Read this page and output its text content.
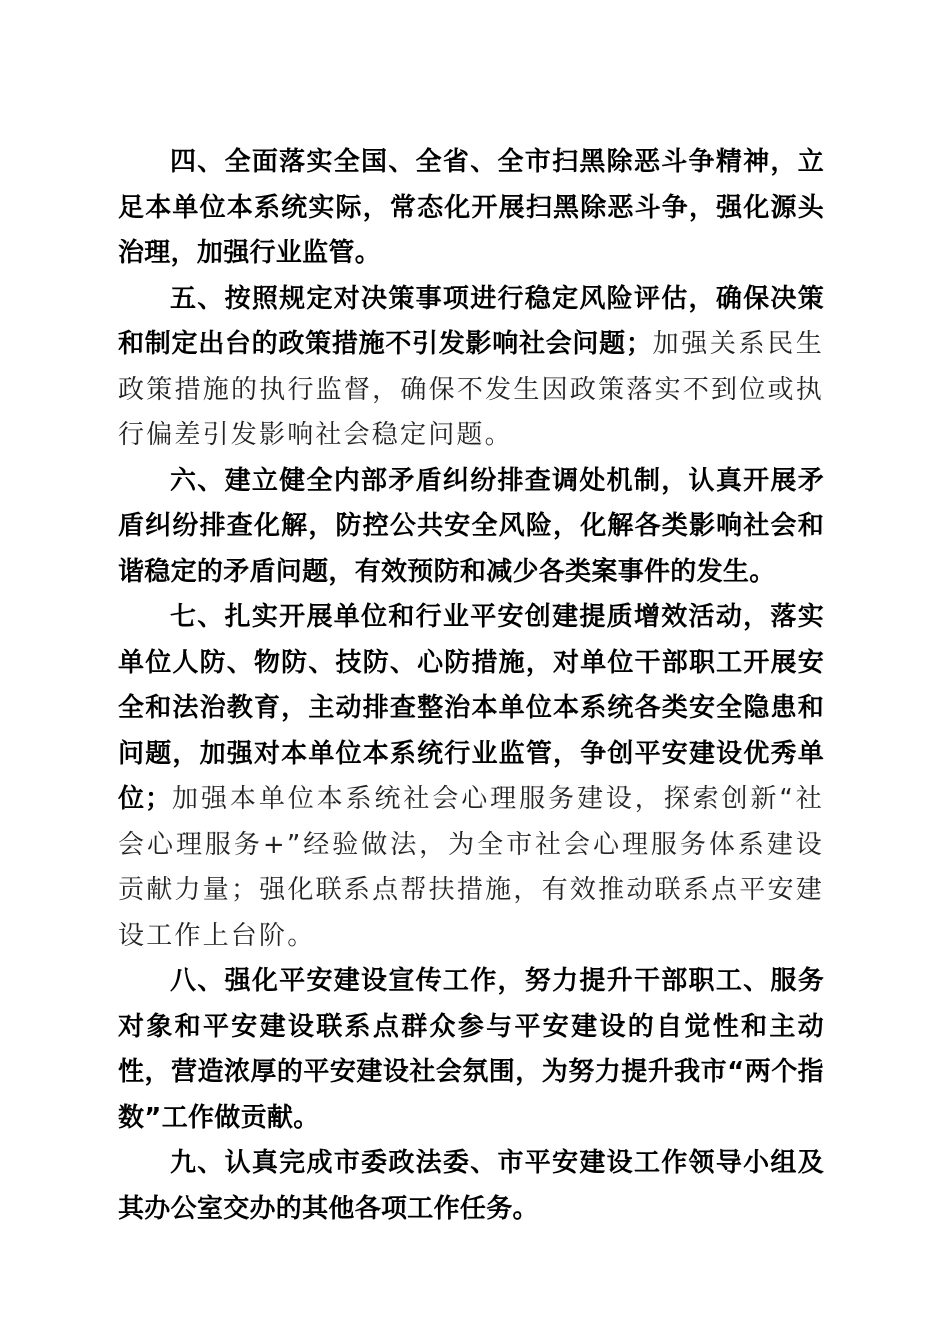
四、全面落实全国、全省、全市扫黑除恶斗争精神，立足本单位本系统实际，常态化开展扫黑除恶斗争，强化源头治理，加强行业监管。

五、按照规定对决策事项进行稳定风险评估，确保决策和制定出台的政策措施不引发影响社会问题；加强关系民生政策措施的执行监督，确保不发生因政策落实不到位或执行偏差引发影响社会稳定问题。

六、建立健全内部矛盾纠纷排查调处机制，认真开展矛盾纠纷排查化解，防控公共安全风险，化解各类影响社会和谐稳定的矛盾问题，有效预防和减少各类案事件的发生。

七、扎实开展单位和行业平安创建提质增效活动，落实单位人防、物防、技防、心防措施，对单位干部职工开展安全和法治教育，主动排查整治本单位本系统各类安全隐患和问题，加强对本单位本系统行业监管，争创平安建设优秀单位；加强本单位本系统社会心理服务建设，探索创新“社会心理服务+”经验做法，为全市社会心理服务体系建设贡献力量；强化联系点帮扶措施，有效推动联系点平安建设工作上台阶。

八、强化平安建设宣传工作，努力提升干部职工、服务对象和平安建设联系点群众参与平安建设的自觉性和主动性，营造浓厚的平安建设社会氛围，为努力提升我市“两个指数”工作做贡献。

九、认真完成市委政法委、市平安建设工作领导小组及其办公室交办的其他各项工作任务。
